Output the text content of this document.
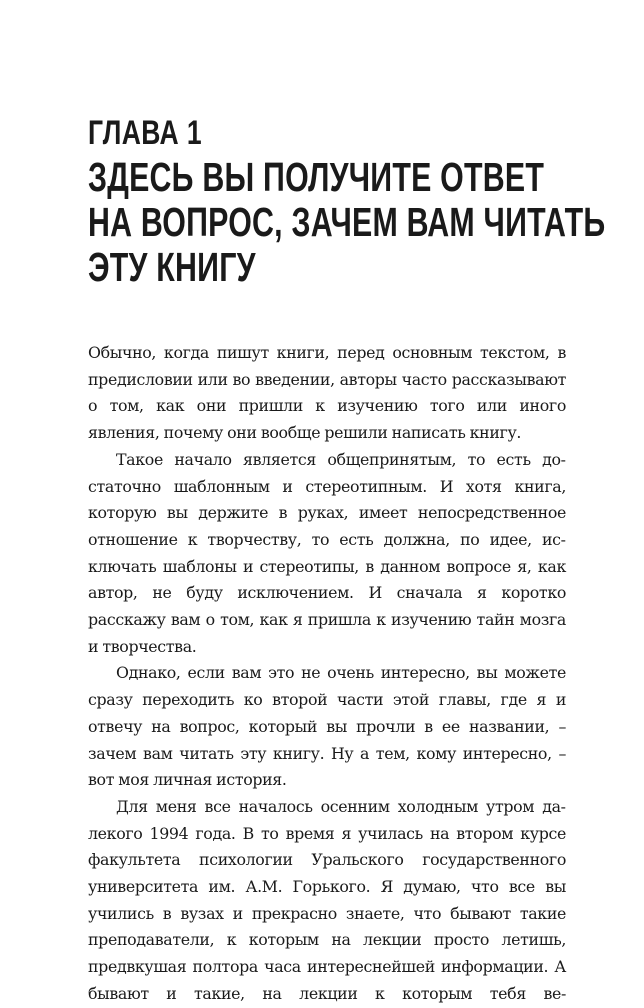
ГЛАВА 1
ЗДЕСЬ ВЫ ПОЛУЧИТЕ ОТВЕТ
НА ВОПРОС, ЗАЧЕМ ВАМ ЧИТАТЬ
ЭТУ КНИГУ

Обычно, когда пишут книги, перед основным текстом, в предисловии или во введении, авторы часто рассказывают о том, как они пришли к изучению того или иного явления, почему они вообще решили написать книгу.

Такое начало является общепринятым, то есть достаточно шаблонным и стереотипным. И хотя книга, которую вы держите в руках, имеет непосредственное отношение к творчеству, то есть должна, по идее, исключать шаблоны и стереотипы, в данном вопросе я, как автор, не буду исключением. И сначала я коротко расскажу вам о том, как я пришла к изучению тайн мозга и творчества.

Однако, если вам это не очень интересно, вы можете сразу переходить ко второй части этой главы, где я и отвечу на вопрос, который вы прочли в ее названии, – зачем вам читать эту книгу. Ну а тем, кому интересно, – вот моя личная история.

Для меня все началось осенним холодным утром далекого 1994 года. В то время я училась на втором курсе факультета психологии Уральского государственного университета им. А.М. Горького. Я думаю, что все вы учились в вузах и прекрасно знаете, что бывают такие преподаватели, к которым на лекции просто летишь, предвкушая полтора часа интереснейшей информации. А бывают и такие, на лекции к которым тебя ве-
